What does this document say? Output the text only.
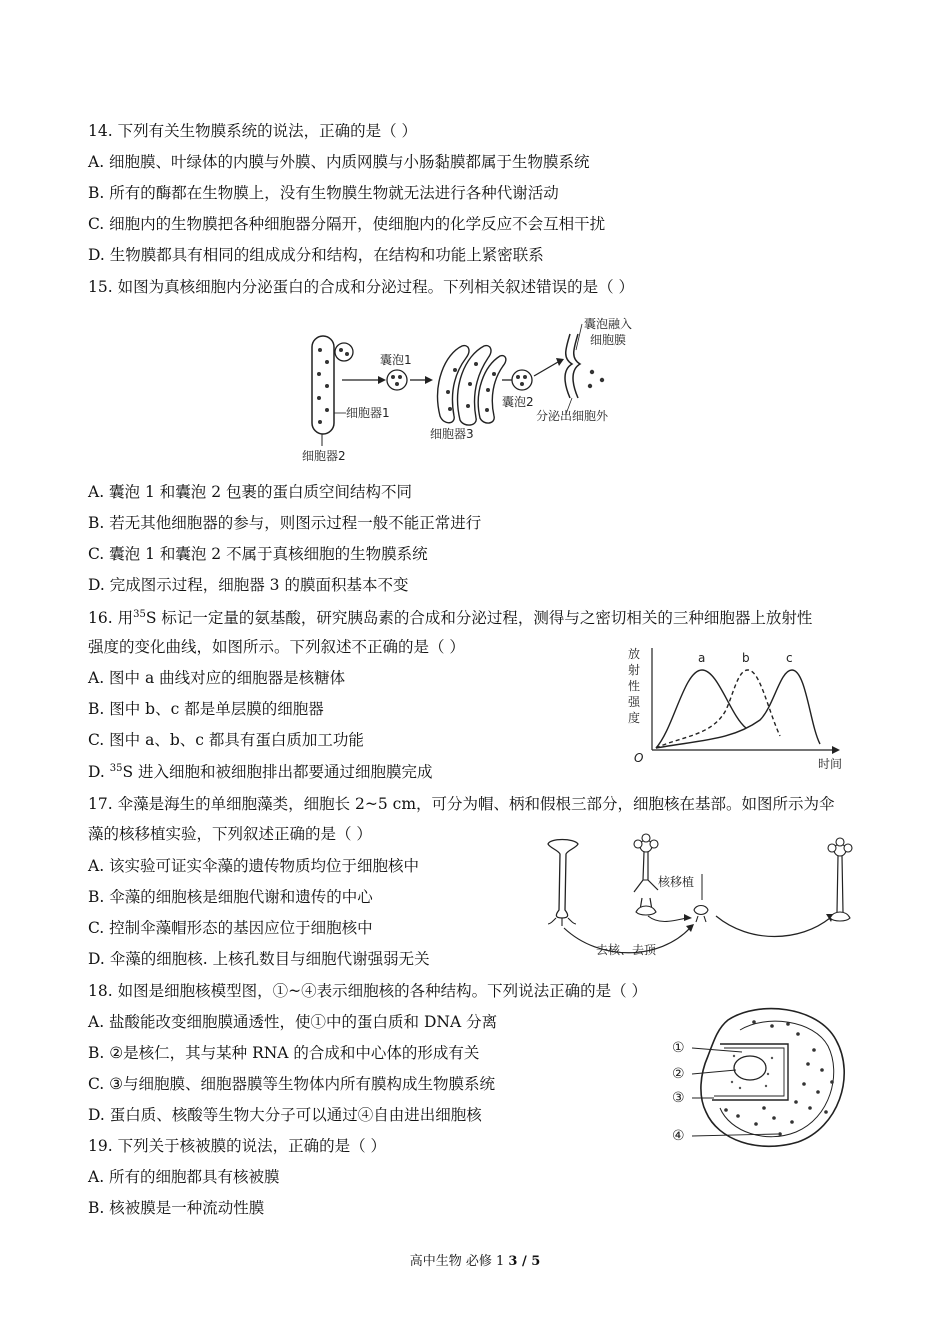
14. 下列有关生物膜系统的说法，正确的是（ ）
A. 细胞膜、叶绿体的内膜与外膜、内质网膜与小肠黏膜都属于生物膜系统
B. 所有的酶都在生物膜上，没有生物膜生物就无法进行各种代谢活动
C. 细胞内的生物膜把各种细胞器分隔开，使细胞内的化学反应不会互相干扰
D. 生物膜都具有相同的组成成分和结构，在结构和功能上紧密联系
15. 如图为真核细胞内分泌蛋白的合成和分泌过程。下列相关叙述错误的是（ ）
囊泡1
囊泡融入
细胞膜
细胞器1
细胞器2
细胞器3
囊泡2
分泌出细胞外
A. 囊泡 1 和囊泡 2 包裹的蛋白质空间结构不同
B. 若无其他细胞器的参与，则图示过程一般不能正常进行
C. 囊泡 1 和囊泡 2 不属于真核细胞的生物膜系统
D. 完成图示过程，细胞器 3 的膜面积基本不变
16. 用$^{35}$S 标记一定量的氨基酸，研究胰岛素的合成和分泌过程，测得与之密切相关的三种细胞器上放射性
强度的变化曲线，如图所示。下列叙述不正确的是（ ）
A. 图中 a 曲线对应的细胞器是核糖体
B. 图中 b、c 都是单层膜的细胞器
C. 图中 a、b、c 都具有蛋白质加工功能
D. $^{35}$S 进入细胞和被细胞排出都要通过细胞膜完成
放
射
性
强
度
O	时间
a	b	c
17. 伞藻是海生的单细胞藻类，细胞长 2~5 cm，可分为帽、柄和假根三部分，细胞核在基部。如图所示为伞
藻的核移植实验，下列叙述正确的是（ ）
A. 该实验可证实伞藻的遗传物质均位于细胞核中
B. 伞藻的细胞核是细胞代谢和遗传的中心
C. 控制伞藻帽形态的基因应位于细胞核中
D. 伞藻的细胞核. 上核孔数目与细胞代谢强弱无关
核移植
去核、去顶
18. 如图是细胞核模型图，①~④表示细胞核的各种结构。下列说法正确的是（ ）
A. 盐酸能改变细胞膜通透性，使①中的蛋白质和 DNA 分离
B. ②是核仁，其与某种 RNA 的合成和中心体的形成有关
C. ③与细胞膜、细胞器膜等生物体内所有膜构成生物膜系统
D. 蛋白质、核酸等生物大分子可以通过④自由进出细胞核
①
②
③
④
19. 下列关于核被膜的说法，正确的是（ ）
A. 所有的细胞都具有核被膜
B. 核被膜是一种流动性膜
高中生物 必修 1 3 / 5
